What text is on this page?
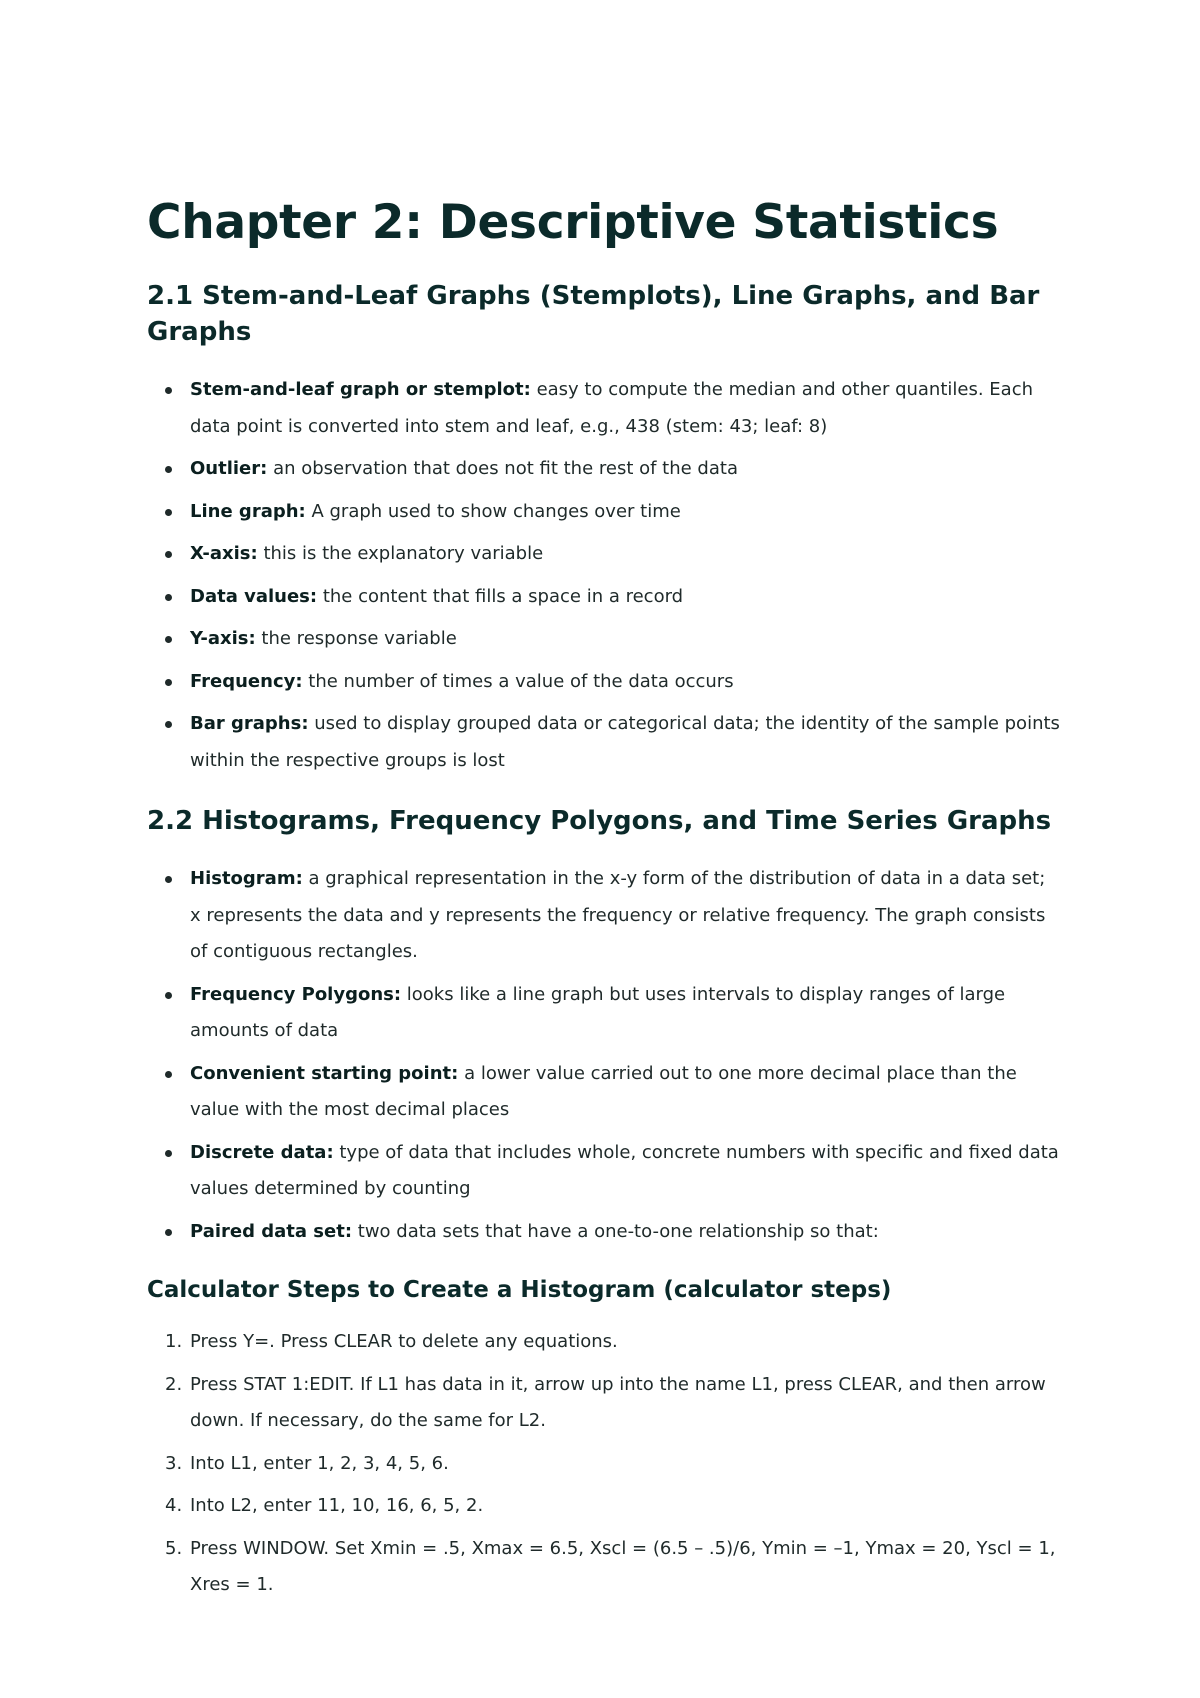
Chapter 2: Descriptive Statistics
2.1 Stem-and-Leaf Graphs (Stemplots), Line Graphs, and Bar Graphs
Stem-and-leaf graph or stemplot: easy to compute the median and other quantiles. Each data point is converted into stem and leaf, e.g., 438 (stem: 43; leaf: 8)
Outlier: an observation that does not fit the rest of the data
Line graph: A graph used to show changes over time
X-axis: this is the explanatory variable
Data values: the content that fills a space in a record
Y-axis: the response variable
Frequency: the number of times a value of the data occurs
Bar graphs: used to display grouped data or categorical data; the identity of the sample points within the respective groups is lost
2.2 Histograms, Frequency Polygons, and Time Series Graphs
Histogram: a graphical representation in the x-y form of the distribution of data in a data set; x represents the data and y represents the frequency or relative frequency. The graph consists of contiguous rectangles.
Frequency Polygons: looks like a line graph but uses intervals to display ranges of large amounts of data
Convenient starting point: a lower value carried out to one more decimal place than the value with the most decimal places
Discrete data: type of data that includes whole, concrete numbers with specific and fixed data values determined by counting
Paired data set: two data sets that have a one-to-one relationship so that:
Calculator Steps to Create a Histogram (calculator steps)
1. Press Y=. Press CLEAR to delete any equations.
2. Press STAT 1:EDIT. If L1 has data in it, arrow up into the name L1, press CLEAR, and then arrow down. If necessary, do the same for L2.
3. Into L1, enter 1, 2, 3, 4, 5, 6.
4. Into L2, enter 11, 10, 16, 6, 5, 2.
5. Press WINDOW. Set Xmin = .5, Xmax = 6.5, Xscl = (6.5 – .5)/6, Ymin = –1, Ymax = 20, Yscl = 1, Xres = 1.
